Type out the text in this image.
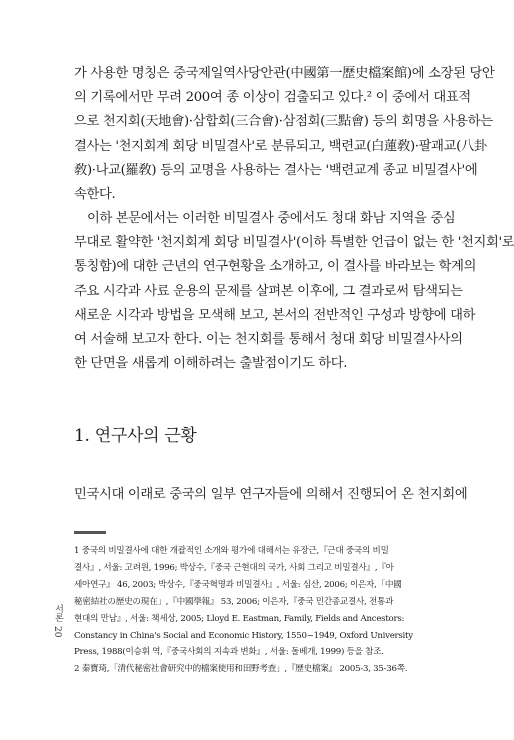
가 사용한 명칭은 중국제일역사당안관(中國第一歷史檔案館)에 소장된 당안
의 기록에서만 무려 200여 종 이상이 검출되고 있다.² 이 중에서 대표적
으로 천지회(天地會)·삼합회(三合會)·삼점회(三點會) 등의 회명을 사용하는
결사는 '천지회계 회당 비밀결사'로 분류되고, 백련교(白蓮敎)·팔괘교(八卦
敎)·나교(羅敎) 등의 교명을 사용하는 결사는 '백련교계 종교 비밀결사'에
속한다.
　이하 본문에서는 이러한 비밀결사 중에서도 청대 화남 지역을 중심
무대로 활약한 '천지회계 회당 비밀결사'(이하 특별한 언급이 없는 한 '천지회'로
통칭함)에 대한 근년의 연구현황을 소개하고, 이 결사를 바라보는 학계의
주요 시각과 사료 운용의 문제를 살펴본 이후에, 그 결과로써 탐색되는
새로운 시각과 방법을 모색해 보고, 본서의 전반적인 구성과 방향에 대하
여 서술해 보고자 한다. 이는 천지회를 통해서 청대 회당 비밀결사사의
한 단면을 새롭게 이해하려는 출발점이기도 하다.
1. 연구사의 근황
민국시대 이래로 중국의 일부 연구자들에 의해서 진행되어 온 천지회에
1 중국의 비밀결사에 대한 개괄적인 소개와 평가에 대해서는 유장근,『근대 중국의 비밀
결사』, 서울: 고려원, 1996; 박상수,『중국 근현대의 국가, 사회 그리고 비밀결사』,『아
세아연구』 46, 2003; 박상수,『중국혁명과 비밀결사』, 서울: 심산, 2006; 이은자,「中國
秘密結社の歴史の現在」,『中國學報』 53, 2006; 이은자,『중국 민간종교결사, 전통과
현대의 만남』, 서울: 책세상, 2005; Lloyd E. Eastman, Family, Fields and Ancestors:
Constancy in China's Social and Economic History, 1550~1949, Oxford University
Press, 1988(이승휘 역,『중국사회의 지속과 변화』, 서울: 돌베개, 1999) 등을 참조.
2 秦寶琦,「清代秘密社會研究中的檔案使用和田野考査」,『歷史檔案』 2005-3, 35-36쪽.
서론
20
